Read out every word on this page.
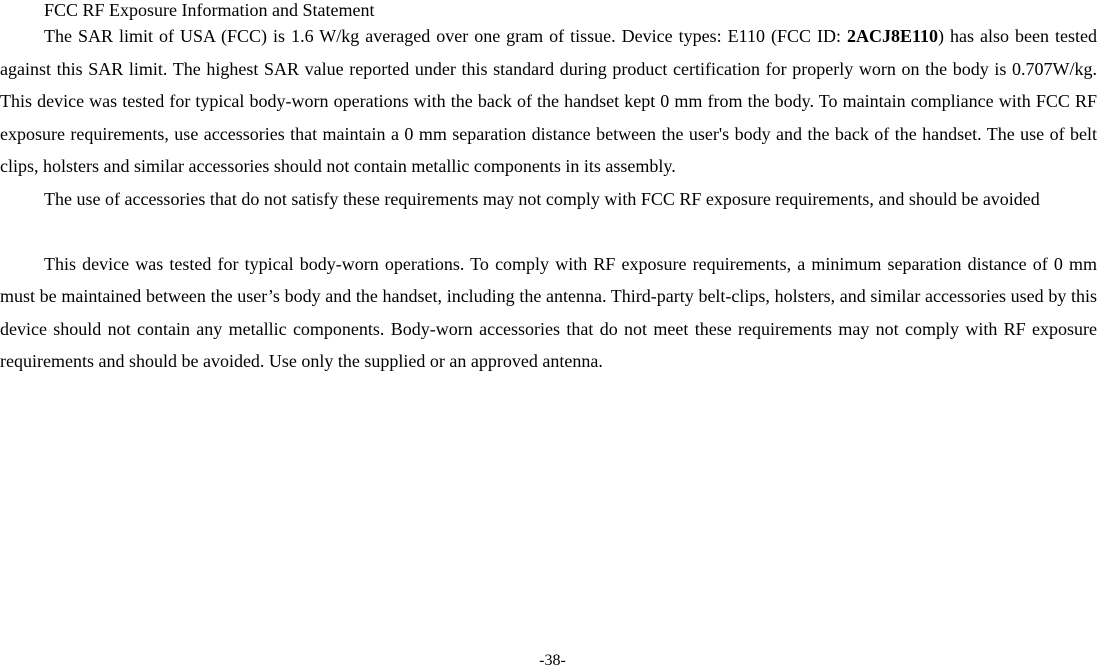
FCC RF Exposure Information and Statement

The SAR limit of USA (FCC) is 1.6 W/kg averaged over one gram of tissue. Device types: E110 (FCC ID: 2ACJ8E110) has also been tested against this SAR limit. The highest SAR value reported under this standard during product certification for properly worn on the body is 0.707W/kg. This device was tested for typical body-worn operations with the back of the handset kept 0 mm from the body. To maintain compliance with FCC RF exposure requirements, use accessories that maintain a 0 mm separation distance between the user's body and the back of the handset. The use of belt clips, holsters and similar accessories should not contain metallic components in its assembly.

The use of accessories that do not satisfy these requirements may not comply with FCC RF exposure requirements, and should be avoided

This device was tested for typical body-worn operations. To comply with RF exposure requirements, a minimum separation distance of 0 mm must be maintained between the user’s body and the handset, including the antenna. Third-party belt-clips, holsters, and similar accessories used by this device should not contain any metallic components. Body-worn accessories that do not meet these requirements may not comply with RF exposure requirements and should be avoided. Use only the supplied or an approved antenna.

-38-
